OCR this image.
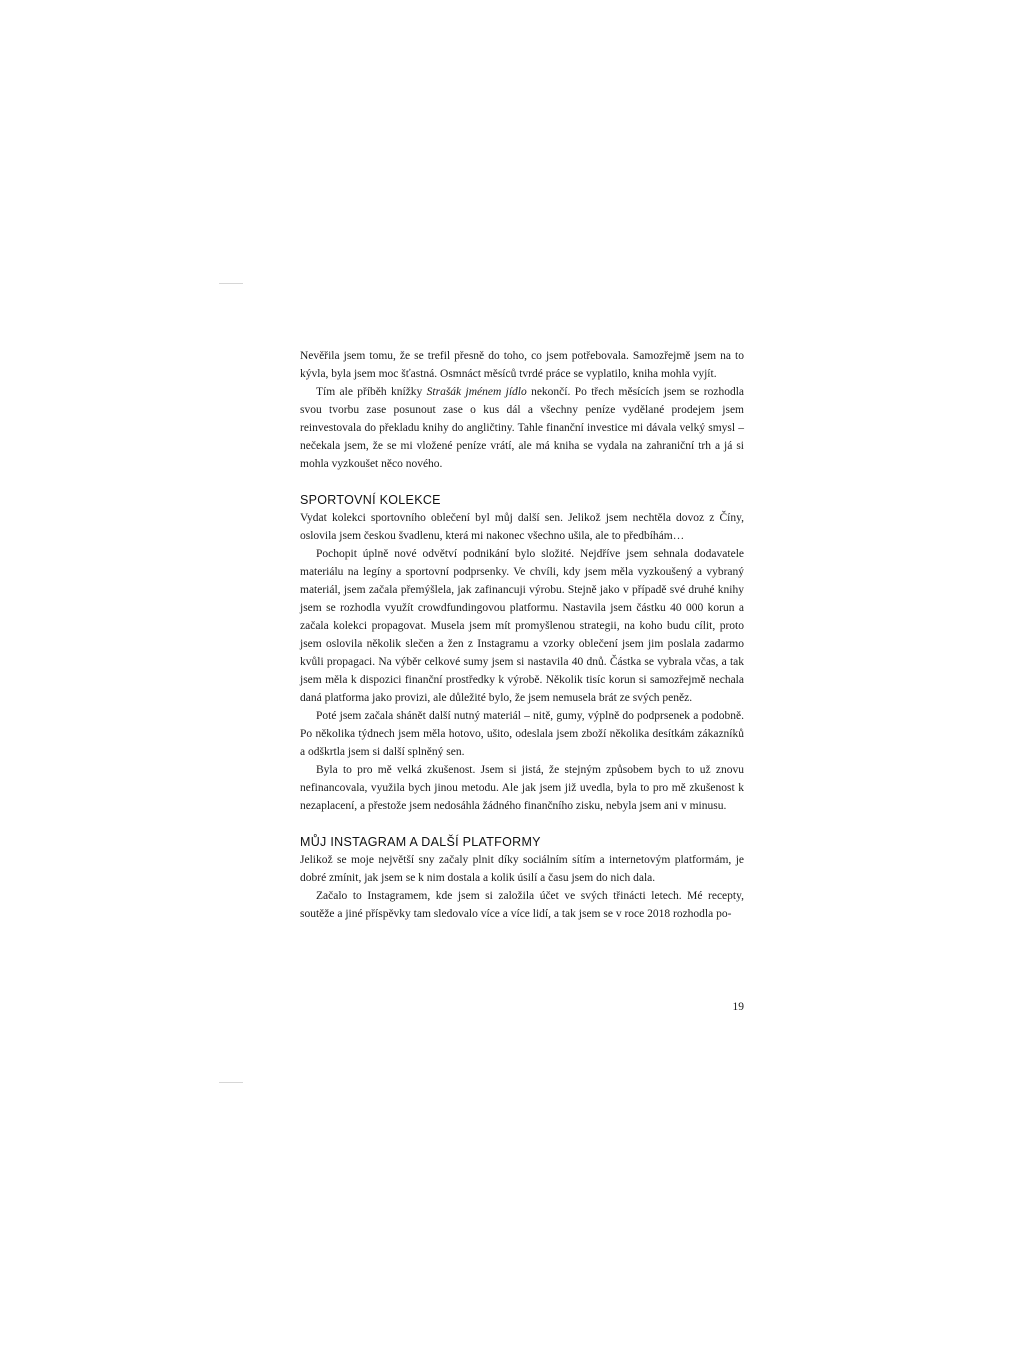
Nevěřila jsem tomu, že se trefil přesně do toho, co jsem potřebovala. Samozřejmě jsem na to kývla, byla jsem moc šťastná. Osmnáct měsíců tvrdé práce se vyplatilo, kniha mohla vyjít.

Tím ale příběh knížky Strašák jménem jídlo nekončí. Po třech měsících jsem se rozhodla svou tvorbu zase posunout zase o kus dál a všechny peníze vydělané prodejem jsem reinvestovala do překladu knihy do angličtiny. Tahle finanční investice mi dávala velký smysl – nečekala jsem, že se mi vložené peníze vrátí, ale má kniha se vydala na zahraniční trh a já si mohla vyzkoušet něco nového.

SPORTOVNÍ KOLEKCE

Vydat kolekci sportovního oblečení byl můj další sen. Jelikož jsem nechtěla dovoz z Číny, oslovila jsem českou švadlenu, která mi nakonec všechno ušila, ale to předbíhám…

Pochopit úplně nové odvětví podnikání bylo složité. Nejdříve jsem sehnala dodavatele materiálu na legíny a sportovní podprsenky. Ve chvíli, kdy jsem měla vyzkoušený a vybraný materiál, jsem začala přemýšlela, jak zafinancuji výrobu. Stejně jako v případě své druhé knihy jsem se rozhodla využít crowdfundingovou platformu. Nastavila jsem částku 40 000 korun a začala kolekci propagovat. Musela jsem mít promyšlenou strategii, na koho budu cílit, proto jsem oslovila několik slečen a žen z Instagramu a vzorky oblečení jsem jim poslala zadarmo kvůli propagaci. Na výběr celkové sumy jsem si nastavila 40 dnů. Částka se vybrala včas, a tak jsem měla k dispozici finanční prostředky k výrobě. Několik tisíc korun si samozřejmě nechala daná platforma jako provizi, ale důležité bylo, že jsem nemusela brát ze svých peněz.

Poté jsem začala shánět další nutný materiál – nitě, gumy, výplně do podprsenek a podobně. Po několika týdnech jsem měla hotovo, ušito, odeslala jsem zboží několika desítkám zákazníků a odškrtla jsem si další splněný sen.

Byla to pro mě velká zkušenost. Jsem si jistá, že stejným způsobem bych to už znovu nefinancovala, využila bych jinou metodu. Ale jak jsem již uvedla, byla to pro mě zkušenost k nezaplacení, a přestože jsem nedosáhla žádného finančního zisku, nebyla jsem ani v minusu.

MŮJ INSTAGRAM A DALŠÍ PLATFORMY

Jelikož se moje největší sny začaly plnit díky sociálním sítím a internetovým platformám, je dobré zmínit, jak jsem se k nim dostala a kolik úsilí a času jsem do nich dala.

Začalo to Instagramem, kde jsem si založila účet ve svých třinácti letech. Mé recepty, soutěže a jiné příspěvky tam sledovalo více a více lidí, a tak jsem se v roce 2018 rozhodla po-

19
